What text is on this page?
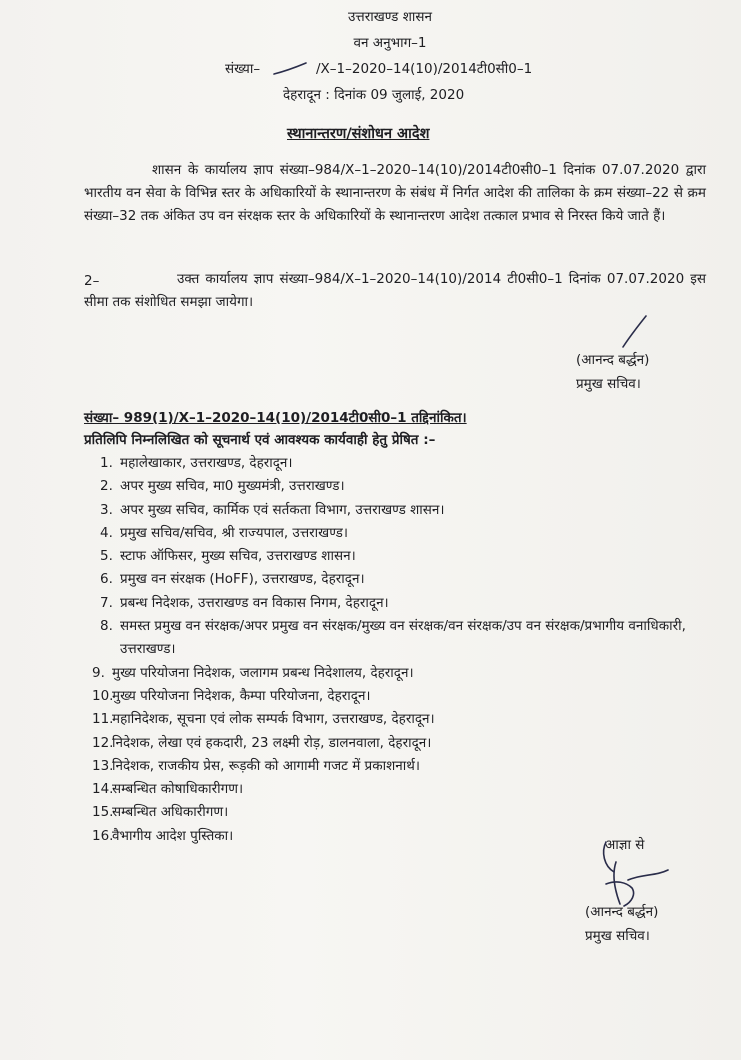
उत्तराखण्ड शासन
वन अनुभाग–1
संख्या–	/X–1–2020–14(10)/2014टी0सी0–1
देहरादून : दिनांक 09 जुलाई, 2020
स्थानान्तरण/संशोधन आदेश
शासन के कार्यालय ज्ञाप संख्या–984/X–1–2020–14(10)/2014टी0सी0–1 दिनांक 07.07.2020 द्वारा भारतीय वन सेवा के विभिन्न स्तर के अधिकारियों के स्थानान्तरण के संबंध में निर्गत आदेश की तालिका के क्रम संख्या–22 से क्रम संख्या–32 तक अंकित उप वन संरक्षक स्तर के अधिकारियों के स्थानान्तरण आदेश तत्काल प्रभाव से निरस्त किये जाते हैं।
2–	उक्त कार्यालय ज्ञाप संख्या–984/X–1–2020–14(10)/2014 टी0सी0–1 दिनांक 07.07.2020 इस सीमा तक संशोधित समझा जायेगा।
(आनन्द बर्द्धन)
प्रमुख सचिव।
संख्या– 989(1)/X–1–2020–14(10)/2014टी0सी0–1 तद्दिनांकित।
प्रतिलिपि निम्नलिखित को सूचनार्थ एवं आवश्यक कार्यवाही हेतु प्रेषित :–
1. महालेखाकार, उत्तराखण्ड, देहरादून।
2. अपर मुख्य सचिव, मा0 मुख्यमंत्री, उत्तराखण्ड।
3. अपर मुख्य सचिव, कार्मिक एवं सर्तकता विभाग, उत्तराखण्ड शासन।
4. प्रमुख सचिव/सचिव, श्री राज्यपाल, उत्तराखण्ड।
5. स्टाफ ऑफिसर, मुख्य सचिव, उत्तराखण्ड शासन।
6. प्रमुख वन संरक्षक (HoFF), उत्तराखण्ड, देहरादून।
7. प्रबन्ध निदेशक, उत्तराखण्ड वन विकास निगम, देहरादून।
8. समस्त प्रमुख वन संरक्षक/अपर प्रमुख वन संरक्षक/मुख्य वन संरक्षक/वन संरक्षक/उप वन संरक्षक/प्रभागीय वनाधिकारी, उत्तराखण्ड।
9. मुख्य परियोजना निदेशक, जलागम प्रबन्ध निदेशालय, देहरादून।
10.
मुख्य परियोजना निदेशक, कैम्पा परियोजना, देहरादून।
11.
महानिदेशक, सूचना एवं लोक सम्पर्क विभाग, उत्तराखण्ड, देहरादून।
12.
निदेशक, लेखा एवं हकदारी, 23 लक्ष्मी रोड़, डालनवाला, देहरादून।
13.
निदेशक, राजकीय प्रेस, रूड़की को आगामी गजट में प्रकाशनार्थ।
14.
सम्बन्धित कोषाधिकारीगण।
15.
सम्बन्धित अधिकारीगण।
16.
वैभागीय आदेश पुस्तिका।
आज्ञा से
(आनन्द बर्द्धन)
प्रमुख सचिव।
